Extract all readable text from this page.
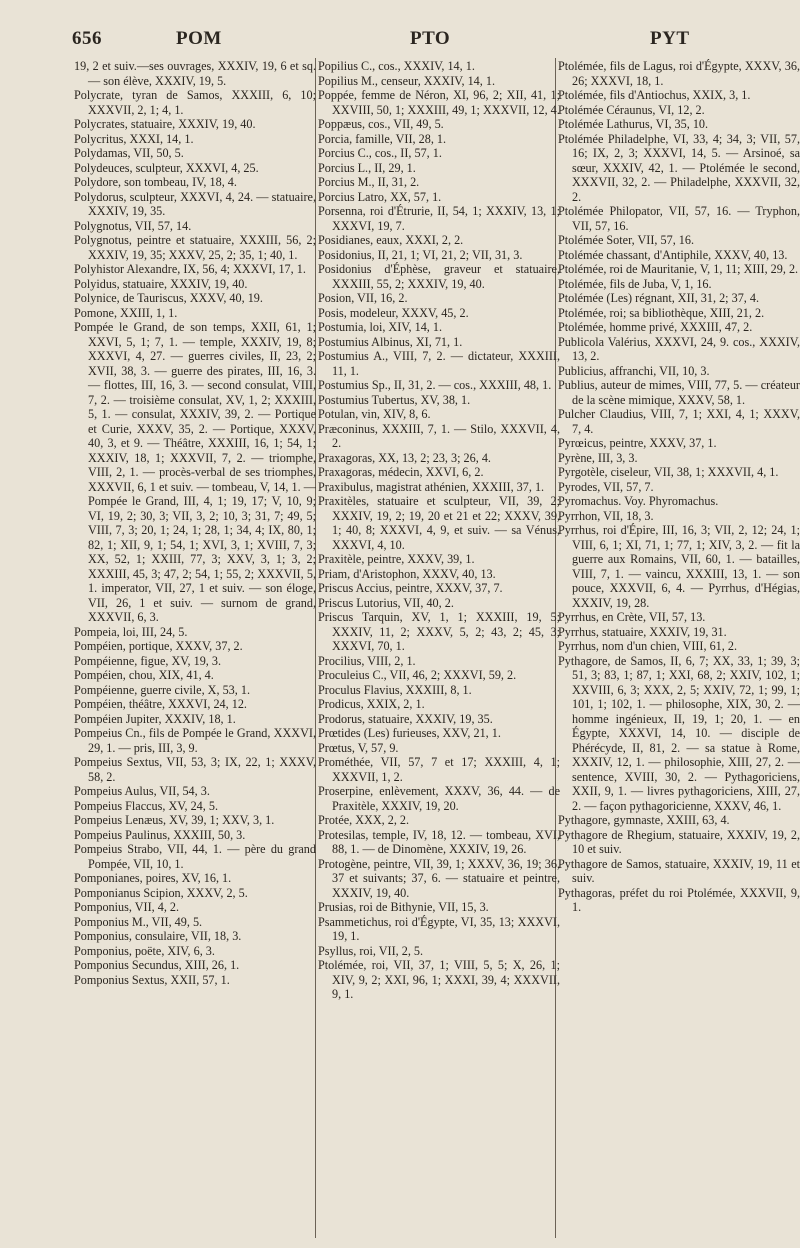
656	POM	PTO	PYT

19, 2 et suiv.—ses ouvrages, XXXIV, 19, 6 et sq. — son élève, XXXIV, 19, 5.

Polycrate, tyran de Samos, XXXIII, 6, 10; XXXVII, 2, 1; 4, 1.

Polycrates, statuaire, XXXIV, 19, 40.

Polycritus, XXXI, 14, 1.

Polydamas, VII, 50, 5.

Polydeuces, sculpteur, XXXVI, 4, 25.

Polydore, son tombeau, IV, 18, 4.

Polydorus, sculpteur, XXXVI, 4, 24. — statuaire, XXXIV, 19, 35.

Polygnotus, VII, 57, 14.

Polygnotus, peintre et statuaire, XXXIII, 56, 2; XXXIV, 19, 35; XXXV, 25, 2; 35, 1; 40, 1.

Polyhistor Alexandre, IX, 56, 4; XXXVI, 17, 1.

Polyidus, statuaire, XXXIV, 19, 40.

Polynice, de Tauriscus, XXXV, 40, 19.

Pomone, XXIII, 1, 1.

Pompée le Grand, de son temps, XXII, 61, 1; XXVI, 5, 1; 7, 1. — temple, XXXIV, 19, 8; XXXVI, 4, 27. — guerres civiles, II, 23, 2; XVII, 38, 3. — guerre des pirates, III, 16, 3. — flottes, III, 16, 3. — second consulat, VIII, 7, 2. — troisième consulat, XV, 1, 2; XXXIII, 5, 1. — consulat, XXXIV, 39, 2. — Portique et Curie, XXXV, 35, 2. — Portique, XXXV, 40, 3, et 9. — Théâtre, XXXIII, 16, 1; 54, 1; XXXIV, 18, 1; XXXVII, 7, 2. — triomphe, VIII, 2, 1. — procès-verbal de ses triomphes, XXXVII, 6, 1 et suiv. — tombeau, V, 14, 1. — Pompée le Grand, III, 4, 1; 19, 17; V, 10, 9; VI, 19, 2; 30, 3; VII, 3, 2; 10, 3; 31, 7; 49, 5; VIII, 7, 3; 20, 1; 24, 1; 28, 1; 34, 4; IX, 80, 1; 82, 1; XII, 9, 1; 54, 1; XVI, 3, 1; XVIII, 7, 3; XX, 52, 1; XXIII, 77, 3; XXV, 3, 1; 3, 2; XXXIII, 45, 3; 47, 2; 54, 1; 55, 2; XXXVII, 5, 1. imperator, VII, 27, 1 et suiv. — son éloge, VII, 26, 1 et suiv. — surnom de grand, XXXVII, 6, 3.

Pompeia, loi, III, 24, 5.

Pompéien, portique, XXXV, 37, 2.

Pompéienne, figue, XV, 19, 3.

Pompéien, chou, XIX, 41, 4.

Pompéienne, guerre civile, X, 53, 1.

Pompéien, théâtre, XXXVI, 24, 12.

Pompéien Jupiter, XXXIV, 18, 1.

Pompeius Cn., fils de Pompée le Grand, XXXVI, 29, 1. — pris, III, 3, 9.

Pompeius Sextus, VII, 53, 3; IX, 22, 1; XXXV, 58, 2.

Pompeius Aulus, VII, 54, 3.

Pompeius Flaccus, XV, 24, 5.

Pompeius Lenæus, XV, 39, 1; XXV, 3, 1.

Pompeius Paulinus, XXXIII, 50, 3.

Pompeius Strabo, VII, 44, 1. — père du grand Pompée, VII, 10, 1.

Pomponianes, poires, XV, 16, 1.

Pomponianus Scipion, XXXV, 2, 5.

Pomponius, VII, 4, 2.

Pomponius M., VII, 49, 5.

Pomponius, consulaire, VII, 18, 3.

Pomponius, poëte, XIV, 6, 3.

Pomponius Secundus, XIII, 26, 1.

Pomponius Sextus, XXII, 57, 1.

Popilius C., cos., XXXIV, 14, 1.

Popilius M., censeur, XXXIV, 14, 1.

Poppée, femme de Néron, XI, 96, 2; XII, 41, 1; XXVIII, 50, 1; XXXIII, 49, 1; XXXVII, 12, 4.

Poppæus, cos., VII, 49, 5.

Porcia, famille, VII, 28, 1.

Porcius C., cos., II, 57, 1.

Porcius L., II, 29, 1.

Porcius M., II, 31, 2.

Porcius Latro, XX, 57, 1.

Porsenna, roi d'Étrurie, II, 54, 1; XXXIV, 13, 1; XXXVI, 19, 7.

Posidianes, eaux, XXXI, 2, 2.

Posidonius, II, 21, 1; VI, 21, 2; VII, 31, 3.

Posidonius d'Éphèse, graveur et statuaire, XXXIII, 55, 2; XXXIV, 19, 40.

Posion, VII, 16, 2.

Posis, modeleur, XXXV, 45, 2.

Postumia, loi, XIV, 14, 1.

Postumius Albinus, XI, 71, 1.

Postumius A., VIII, 7, 2. — dictateur, XXXIII, 11, 1.

Postumius Sp., II, 31, 2. — cos., XXXIII, 48, 1.

Postumius Tubertus, XV, 38, 1.

Potulan, vin, XIV, 8, 6.

Præconinus, XXXIII, 7, 1. — Stilo, XXXVII, 4, 2.

Praxagoras, XX, 13, 2; 23, 3; 26, 4.

Praxagoras, médecin, XXVI, 6, 2.

Praxibulus, magistrat athénien, XXXIII, 37, 1.

Praxitèles, statuaire et sculpteur, VII, 39, 2; XXXIV, 19, 2; 19, 20 et 21 et 22; XXXV, 39, 1; 40, 8; XXXVI, 4, 9, et suiv. — sa Vénus, XXXVI, 4, 10.

Praxitèle, peintre, XXXV, 39, 1.

Priam, d'Aristophon, XXXV, 40, 13.

Priscus Accius, peintre, XXXV, 37, 7.

Priscus Lutorius, VII, 40, 2.

Priscus Tarquin, XV, 1, 1; XXXIII, 19, 5; XXXIV, 11, 2; XXXV, 5, 2; 43, 2; 45, 3; XXXVI, 70, 1.

Procilius, VIII, 2, 1.

Proculeius C., VII, 46, 2; XXXVI, 59, 2.

Proculus Flavius, XXXIII, 8, 1.

Prodicus, XXIX, 2, 1.

Prodorus, statuaire, XXXIV, 19, 35.

Prœtides (Les) furieuses, XXV, 21, 1.

Prœtus, V, 57, 9.

Prométhée, VII, 57, 7 et 17; XXXIII, 4, 1; XXXVII, 1, 2.

Proserpine, enlèvement, XXXV, 36, 44. — de Praxitèle, XXXIV, 19, 20.

Protée, XXX, 2, 2.

Protesilas, temple, IV, 18, 12. — tombeau, XVI, 88, 1. — de Dinomène, XXXIV, 19, 26.

Protogène, peintre, VII, 39, 1; XXXV, 36, 19; 36, 37 et suivants; 37, 6. — statuaire et peintre, XXXIV, 19, 40.

Prusias, roi de Bithynie, VII, 15, 3.

Psammetichus, roi d'Égypte, VI, 35, 13; XXXVI, 19, 1.

Psyllus, roi, VII, 2, 5.

Ptolémée, roi, VII, 37, 1; VIII, 5, 5; X, 26, 1; XIV, 9, 2; XXI, 96, 1; XXXI, 39, 4; XXXVII, 9, 1.

Ptolémée, fils de Lagus, roi d'Égypte, XXXV, 36, 26; XXXVI, 18, 1.

Ptolémée, fils d'Antiochus, XXIX, 3, 1.

Ptolémée Céraunus, VI, 12, 2.

Ptolémée Lathurus, VI, 35, 10.

Ptolémée Philadelphe, VI, 33, 4; 34, 3; VII, 57, 16; IX, 2, 3; XXXVI, 14, 5. — Arsinoé, sa sœur, XXXIV, 42, 1. — Ptolémée le second, XXXVII, 32, 2. — Philadelphe, XXXVII, 32, 2.

Ptolémée Philopator, VII, 57, 16. — Tryphon, VII, 57, 16.

Ptolémée Soter, VII, 57, 16.

Ptolémée chassant, d'Antiphile, XXXV, 40, 13.

Ptolémée, roi de Mauritanie, V, 1, 11; XIII, 29, 2.

Ptolémée, fils de Juba, V, 1, 16.

Ptolémée (Les) régnant, XII, 31, 2; 37, 4.

Ptolémée, roi; sa bibliothèque, XIII, 21, 2.

Ptolémée, homme privé, XXXIII, 47, 2.

Publicola Valérius, XXXVI, 24, 9. cos., XXXIV, 13, 2.

Publicius, affranchi, VII, 10, 3.

Publius, auteur de mimes, VIII, 77, 5. — créateur de la scène mimique, XXXV, 58, 1.

Pulcher Claudius, VIII, 7, 1; XXI, 4, 1; XXXV, 7, 4.

Pyrœicus, peintre, XXXV, 37, 1.

Pyrène, III, 3, 3.

Pyrgotèle, ciseleur, VII, 38, 1; XXXVII, 4, 1.

Pyrodes, VII, 57, 7.

Pyromachus. Voy. Phyromachus.

Pyrrhon, VII, 18, 3.

Pyrrhus, roi d'Épire, III, 16, 3; VII, 2, 12; 24, 1; VIII, 6, 1; XI, 71, 1; 77, 1; XIV, 3, 2. — fit la guerre aux Romains, VII, 60, 1. — batailles, VIII, 7, 1. — vaincu, XXXIII, 13, 1. — son pouce, XXXVII, 6, 4. — Pyrrhus, d'Hégias, XXXIV, 19, 28.

Pyrrhus, en Crète, VII, 57, 13.

Pyrrhus, statuaire, XXXIV, 19, 31.

Pyrrhus, nom d'un chien, VIII, 61, 2.

Pythagore, de Samos, II, 6, 7; XX, 33, 1; 39, 3; 51, 3; 83, 1; 87, 1; XXI, 68, 2; XXIV, 102, 1; XXVIII, 6, 3; XXX, 2, 5; XXIV, 72, 1; 99, 1; 101, 1; 102, 1. — philosophe, XIX, 30, 2. — homme ingénieux, II, 19, 1; 20, 1. — en Égypte, XXXVI, 14, 10. — disciple de Phérécyde, II, 81, 2. — sa statue à Rome, XXXIV, 12, 1. — philosophie, XIII, 27, 2. — sentence, XVIII, 30, 2. — Pythagoriciens, XXII, 9, 1. — livres pythagoriciens, XIII, 27, 2. — façon pythagoricienne, XXXV, 46, 1.

Pythagore, gymnaste, XXIII, 63, 4.

Pythagore de Rhegium, statuaire, XXXIV, 19, 2, 10 et suiv.

Pythagore de Samos, statuaire, XXXIV, 19, 11 et suiv.

Pythagoras, préfet du roi Ptolémée, XXXVII, 9, 1.
